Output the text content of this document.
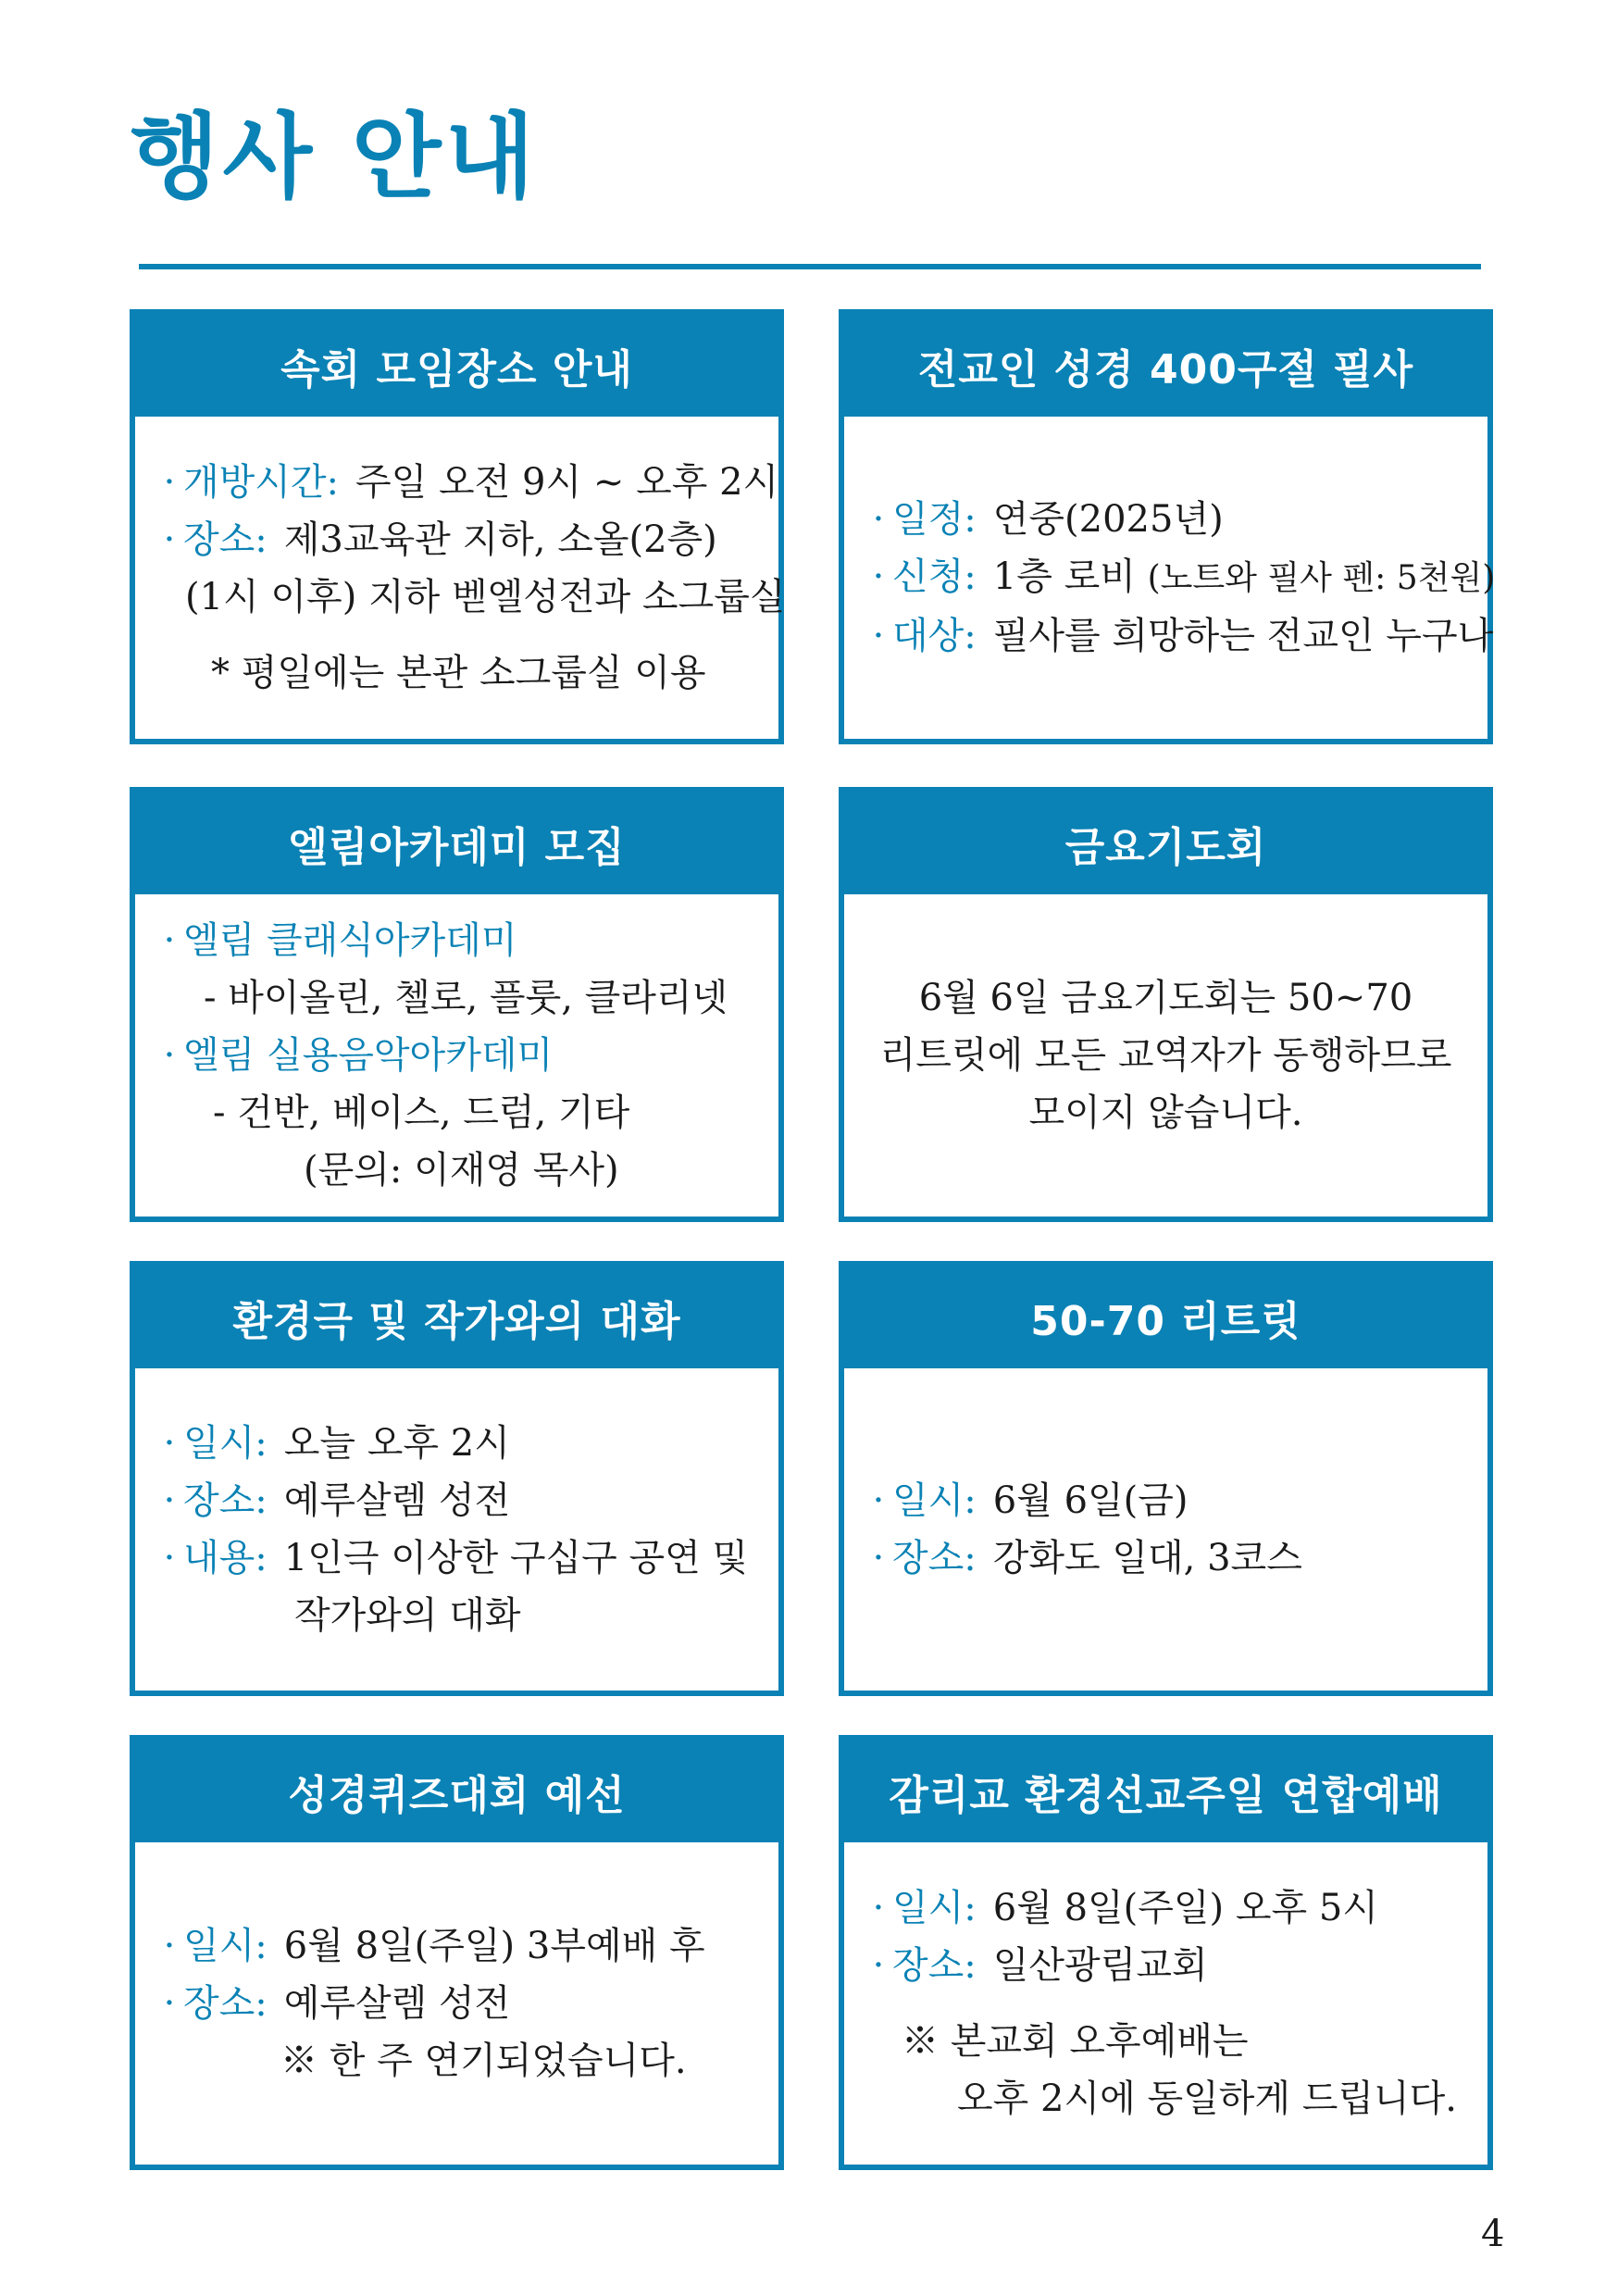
행사 안내
속회 모임장소 안내
· 개방시간: 주일 오전 9시 ~ 오후 2시
· 장소: 제3교육관 지하, 소올(2층)
(1시 이후) 지하 벧엘성전과 소그룹실
* 평일에는 본관 소그룹실 이용
전교인 성경 400구절 필사
· 일정: 연중(2025년)
· 신청: 1층 로비 (노트와 필사 펜: 5천원)
· 대상: 필사를 희망하는 전교인 누구나
엘림아카데미 모집
· 엘림 클래식아카데미
- 바이올린, 첼로, 플룻, 클라리넷
· 엘림 실용음악아카데미
- 건반, 베이스, 드럼, 기타
(문의: 이재영 목사)
금요기도회
6월 6일 금요기도회는 50~70
리트릿에 모든 교역자가 동행하므로
모이지 않습니다.
환경극 및 작가와의 대화
· 일시: 오늘 오후 2시
· 장소: 예루살렘 성전
· 내용: 1인극 이상한 구십구 공연 및
작가와의 대화
50-70 리트릿
· 일시: 6월 6일(금)
· 장소: 강화도 일대, 3코스
성경퀴즈대회 예선
· 일시: 6월 8일(주일) 3부예배 후
· 장소: 예루살렘 성전
※ 한 주 연기되었습니다.
감리교 환경선교주일 연합예배
· 일시: 6월 8일(주일) 오후 5시
· 장소: 일산광림교회
※ 본교회 오후예배는
오후 2시에 동일하게 드립니다.
4
